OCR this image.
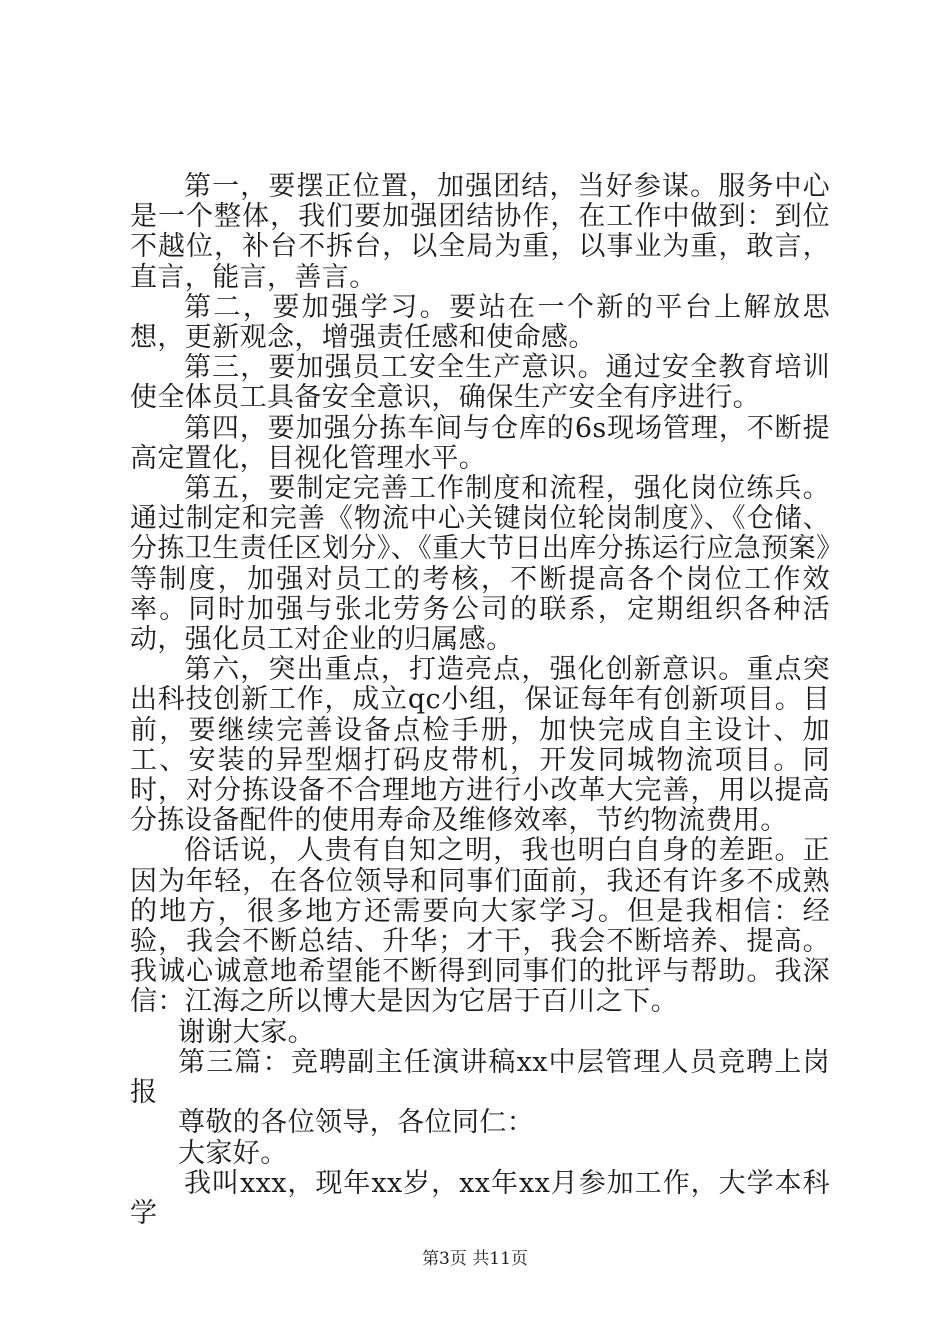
第一，要摆正位置，加强团结，当好参谋。服务中心是一个整体，我们要加强团结协作，在工作中做到：到位不越位，补台不拆台，以全局为重，以事业为重，敢言，直言，能言，善言。

第二，要加强学习。要站在一个新的平台上解放思想，更新观念，增强责任感和使命感。

第三，要加强员工安全生产意识。通过安全教育培训使全体员工具备安全意识，确保生产安全有序进行。

第四，要加强分拣车间与仓库的6s现场管理，不断提高定置化，目视化管理水平。

第五，要制定完善工作制度和流程，强化岗位练兵。通过制定和完善《物流中心关键岗位轮岗制度》、《仓储、分拣卫生责任区划分》、《重大节日出库分拣运行应急预案》等制度，加强对员工的考核，不断提高各个岗位工作效率。同时加强与张北劳务公司的联系，定期组织各种活动，强化员工对企业的归属感。

第六，突出重点，打造亮点，强化创新意识。重点突出科技创新工作，成立qc小组，保证每年有创新项目。目前，要继续完善设备点检手册，加快完成自主设计、加工、安装的异型烟打码皮带机，开发同城物流项目。同时，对分拣设备不合理地方进行小改革大完善，用以提高分拣设备配件的使用寿命及维修效率，节约物流费用。

俗话说，人贵有自知之明，我也明白自身的差距。正因为年轻，在各位领导和同事们面前，我还有许多不成熟的地方，很多地方还需要向大家学习。但是我相信：经验，我会不断总结、升华；才干，我会不断培养、提高。我诚心诚意地希望能不断得到同事们的批评与帮助。我深信：江海之所以博大是因为它居于百川之下。

谢谢大家。

第三篇：竞聘副主任演讲稿xx中层管理人员竞聘上岗报

尊敬的各位领导，各位同仁：

大家好。

我叫xxx，现年xx岁，xx年xx月参加工作，大学本科学

第3页 共11页
